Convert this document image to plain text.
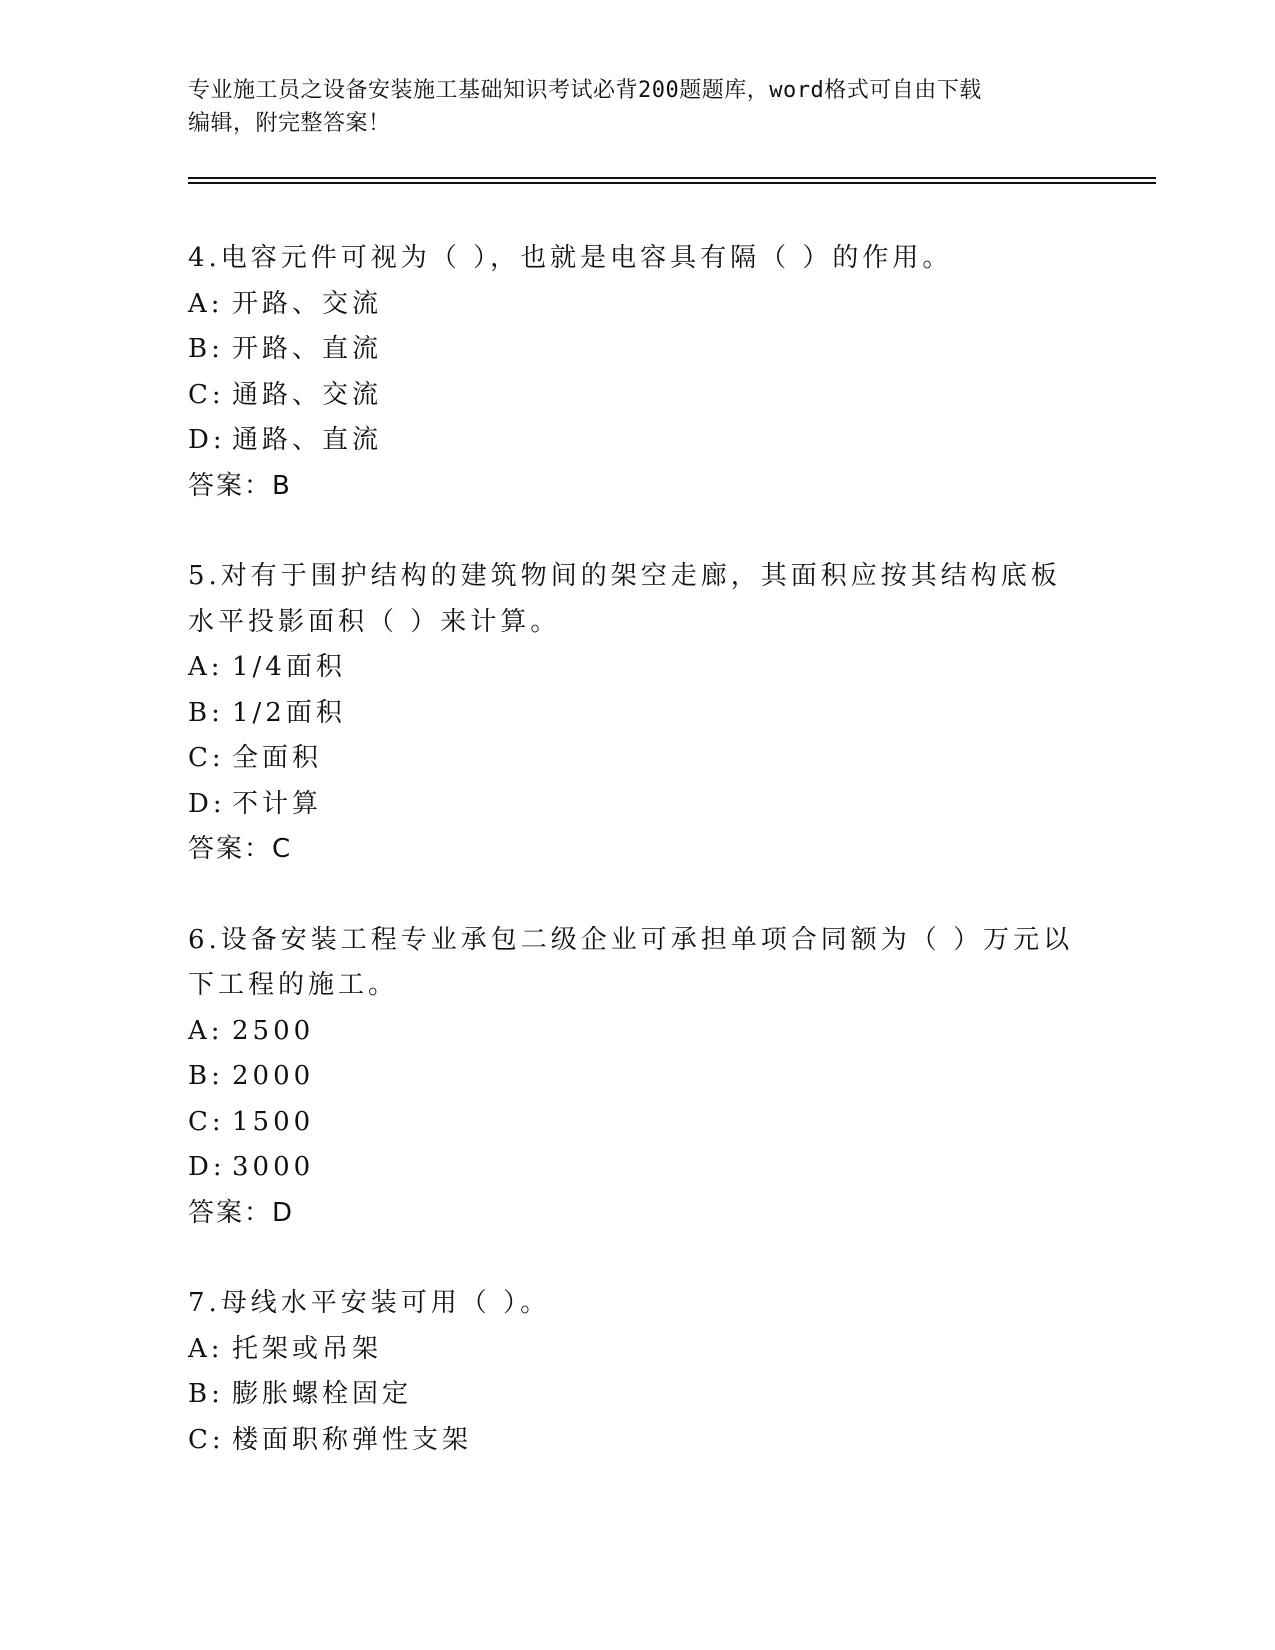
专业施工员之设备安装施工基础知识考试必背200题题库，word格式可自由下载
编辑，附完整答案！
4.电容元件可视为（ ），也就是电容具有隔（ ）的作用。
A: 开路、交流
B: 开路、直流
C: 通路、交流
D: 通路、直流
答案：B
5.对有于围护结构的建筑物间的架空走廊，其面积应按其结构底板水平投影面积（ ）来计算。
A: 1/4面积
B: 1/2面积
C: 全面积
D: 不计算
答案：C
6.设备安装工程专业承包二级企业可承担单项合同额为（ ）万元以下工程的施工。
A: 2500
B: 2000
C: 1500
D: 3000
答案：D
7.母线水平安装可用（ ）。
A: 托架或吊架
B: 膨胀螺栓固定
C: 楼面职称弹性支架
